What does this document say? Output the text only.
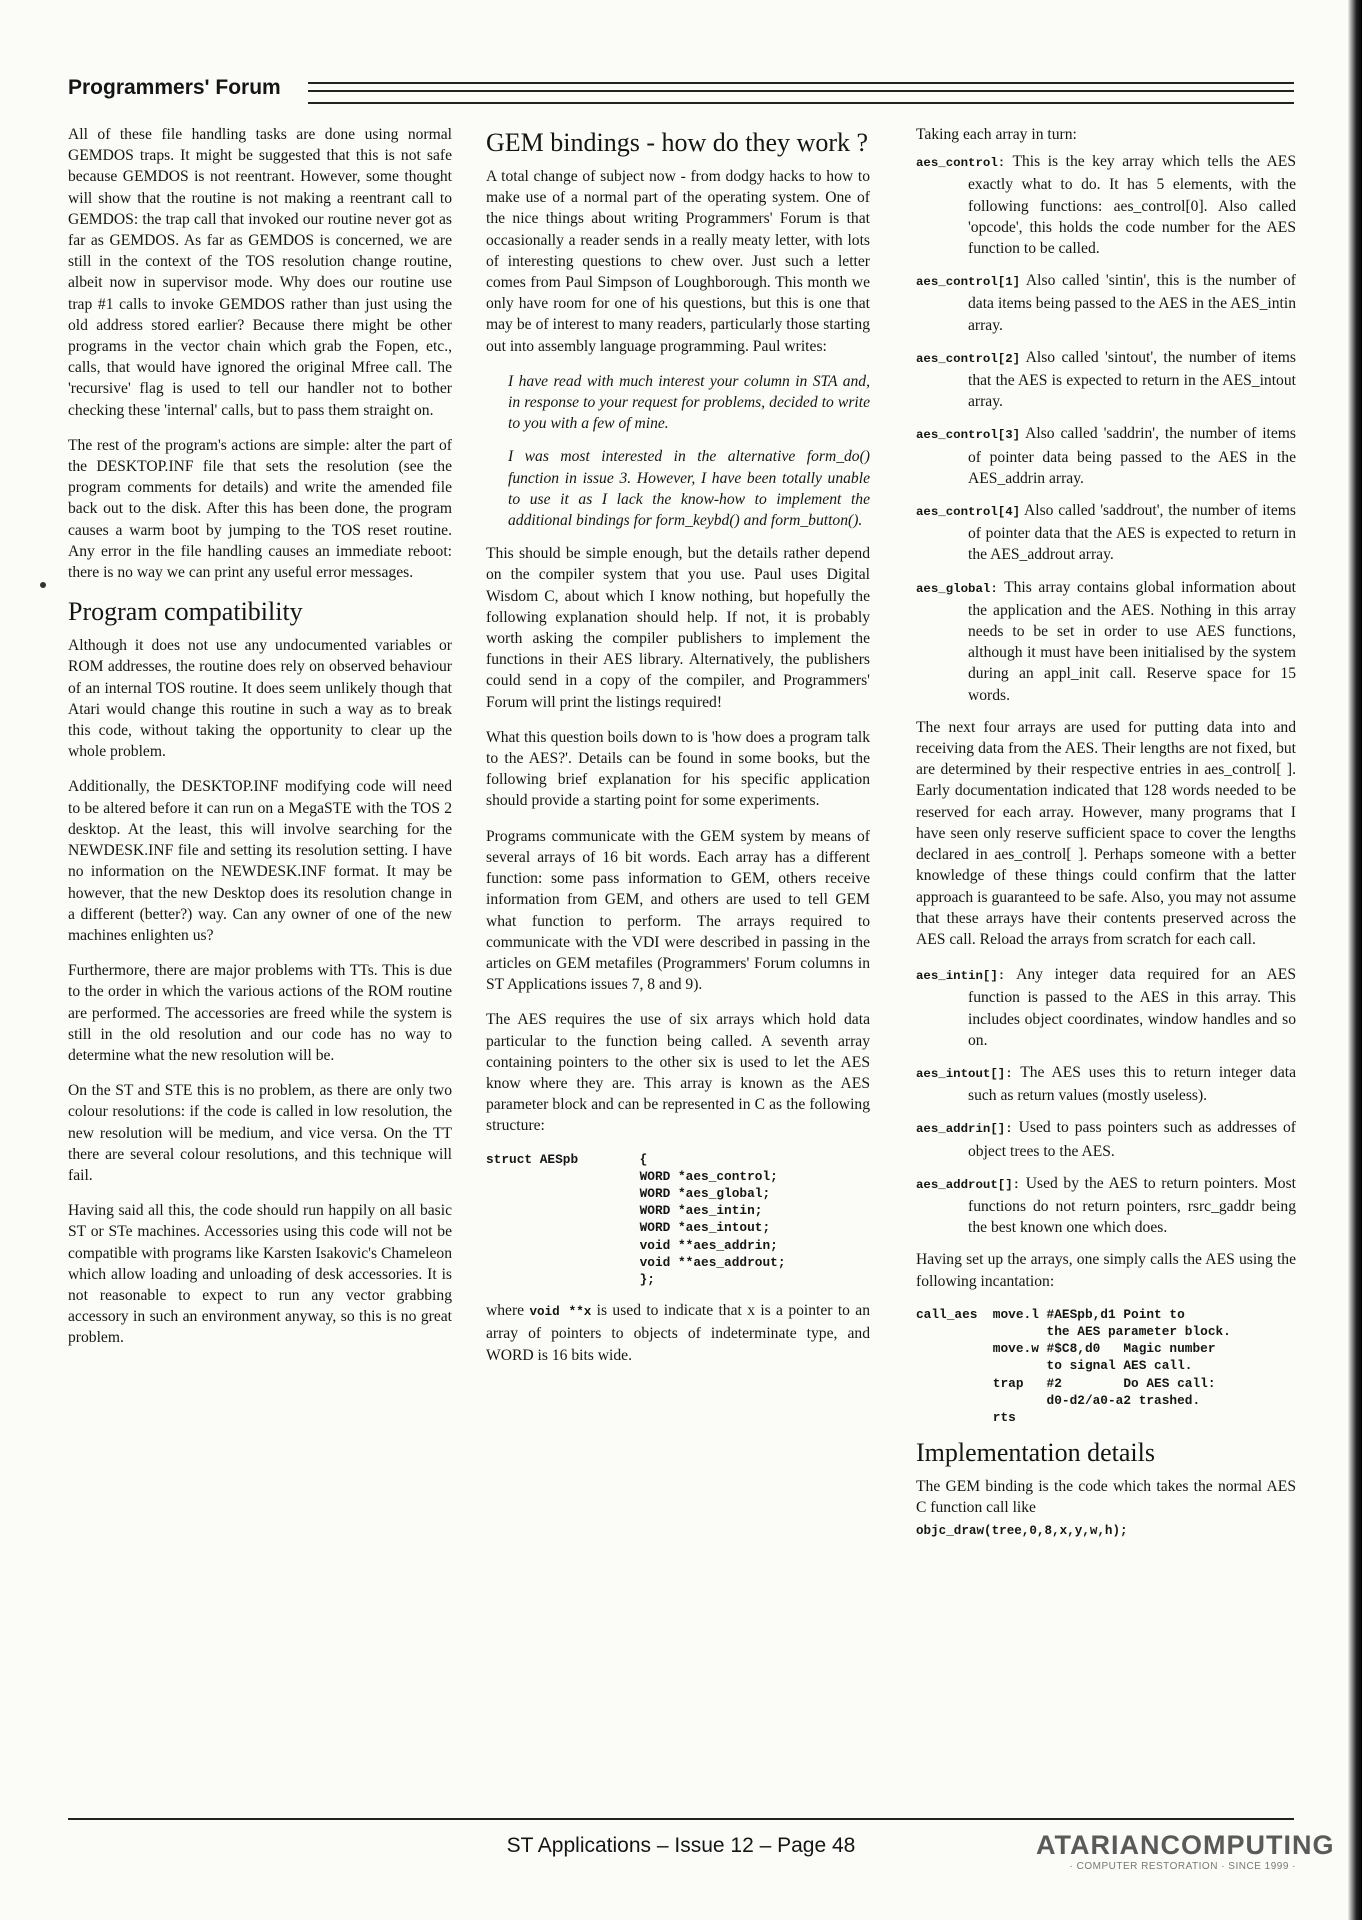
Programmers' Forum

All of these file handling tasks are done using normal GEMDOS traps. It might be suggested that this is not safe because GEMDOS is not reentrant. However, some thought will show that the routine is not making a reentrant call to GEMDOS: the trap call that invoked our routine never got as far as GEMDOS. As far as GEMDOS is concerned, we are still in the context of the TOS resolution change routine, albeit now in supervisor mode. Why does our routine use trap #1 calls to invoke GEMDOS rather than just using the old address stored earlier? Because there might be other programs in the vector chain which grab the Fopen, etc., calls, that would have ignored the original Mfree call. The 'recursive' flag is used to tell our handler not to bother checking these 'internal' calls, but to pass them straight on.

The rest of the program's actions are simple: alter the part of the DESKTOP.INF file that sets the resolution (see the program comments for details) and write the amended file back out to the disk. After this has been done, the program causes a warm boot by jumping to the TOS reset routine. Any error in the file handling causes an immediate reboot: there is no way we can print any useful error messages.

Program compatibility

Although it does not use any undocumented variables or ROM addresses, the routine does rely on observed behaviour of an internal TOS routine. It does seem unlikely though that Atari would change this routine in such a way as to break this code, without taking the opportunity to clear up the whole problem.

Additionally, the DESKTOP.INF modifying code will need to be altered before it can run on a MegaSTE with the TOS 2 desktop. At the least, this will involve searching for the NEWDESK.INF file and setting its resolution setting. I have no information on the NEWDESK.INF format. It may be however, that the new Desktop does its resolution change in a different (better?) way. Can any owner of one of the new machines enlighten us?

Furthermore, there are major problems with TTs. This is due to the order in which the various actions of the ROM routine are performed. The accessories are freed while the system is still in the old resolution and our code has no way to determine what the new resolution will be.

On the ST and STE this is no problem, as there are only two colour resolutions: if the code is called in low resolution, the new resolution will be medium, and vice versa. On the TT there are several colour resolutions, and this technique will fail.

Having said all this, the code should run happily on all basic ST or STe machines. Accessories using this code will not be compatible with programs like Karsten Isakovic's Chameleon which allow loading and unloading of desk accessories. It is not reasonable to expect to run any vector grabbing accessory in such an environment anyway, so this is no great problem.

GEM bindings - how do they work ?

A total change of subject now - from dodgy hacks to how to make use of a normal part of the operating system. One of the nice things about writing Programmers' Forum is that occasionally a reader sends in a really meaty letter, with lots of interesting questions to chew over. Just such a letter comes from Paul Simpson of Loughborough. This month we only have room for one of his questions, but this is one that may be of interest to many readers, particularly those starting out into assembly language programming. Paul writes:

I have read with much interest your column in STA and, in response to your request for problems, decided to write to you with a few of mine.

I was most interested in the alternative form_do() function in issue 3. However, I have been totally unable to use it as I lack the know-how to implement the additional bindings for form_keybd() and form_button().

This should be simple enough, but the details rather depend on the compiler system that you use. Paul uses Digital Wisdom C, about which I know nothing, but hopefully the following explanation should help. If not, it is probably worth asking the compiler publishers to implement the functions in their AES library. Alternatively, the publishers could send in a copy of the compiler, and Programmers' Forum will print the listings required!

What this question boils down to is 'how does a program talk to the AES?'. Details can be found in some books, but the following brief explanation for his specific application should provide a starting point for some experiments.

Programs communicate with the GEM system by means of several arrays of 16 bit words. Each array has a different function: some pass information to GEM, others receive information from GEM, and others are used to tell GEM what function to perform. The arrays required to communicate with the VDI were described in passing in the articles on GEM metafiles (Programmers' Forum columns in ST Applications issues 7, 8 and 9).

The AES requires the use of six arrays which hold data particular to the function being called. A seventh array containing pointers to the other six is used to let the AES know where they are. This array is known as the AES parameter block and can be represented in C as the following structure:

struct AESpb        {
WORD *aes_control;
WORD *aes_global;
WORD *aes_intin;
WORD *aes_intout;
void **aes_addrin;
void **aes_addrout;
};

where void **x is used to indicate that x is a pointer to an array of pointers to objects of indeterminate type, and WORD is 16 bits wide.

Taking each array in turn:

aes_control: This is the key array which tells the AES exactly what to do. It has 5 elements, with the following functions: aes_control[0]. Also called 'opcode', this holds the code number for the AES function to be called.
aes_control[1] Also called 'sintin', this is the number of data items being passed to the AES in the AES_intin array.
aes_control[2] Also called 'sintout', the number of items that the AES is expected to return in the AES_intout array.
aes_control[3] Also called 'saddrin', the number of items of pointer data being passed to the AES in the AES_addrin array.
aes_control[4] Also called 'saddrout', the number of items of pointer data that the AES is expected to return in the AES_addrout array.
aes_global: This array contains global information about the application and the AES. Nothing in this array needs to be set in order to use AES functions, although it must have been initialised by the system during an appl_init call. Reserve space for 15 words.

The next four arrays are used for putting data into and receiving data from the AES. Their lengths are not fixed, but are determined by their respective entries in aes_control[ ]. Early documentation indicated that 128 words needed to be reserved for each array. However, many programs that I have seen only reserve sufficient space to cover the lengths declared in aes_control[ ]. Perhaps someone with a better knowledge of these things could confirm that the latter approach is guaranteed to be safe. Also, you may not assume that these arrays have their contents preserved across the AES call. Reload the arrays from scratch for each call.

aes_intin[]: Any integer data required for an AES function is passed to the AES in this array. This includes object coordinates, window handles and so on.
aes_intout[]: The AES uses this to return integer data such as return values (mostly useless).
aes_addrin[]: Used to pass pointers such as addresses of object trees to the AES.
aes_addrout[]: Used by the AES to return pointers. Most functions do not return pointers, rsrc_gaddr being the best known one which does.

Having set up the arrays, one simply calls the AES using the following incantation:

call_aes  move.l #AESpb,d1 Point to
the AES parameter block.
move.w #$C8,d0   Magic number
to signal AES call.
trap   #2        Do AES call:
d0-d2/a0-a2 trashed.
rts
Implementation details

The GEM binding is the code which takes the normal AES C function call like

objc_draw(tree,0,8,x,y,w,h);
ST Applications – Issue 12 – Page 48	ATARIANCOMPUTING
· COMPUTER RESTORATION · SINCE 1999 ·
